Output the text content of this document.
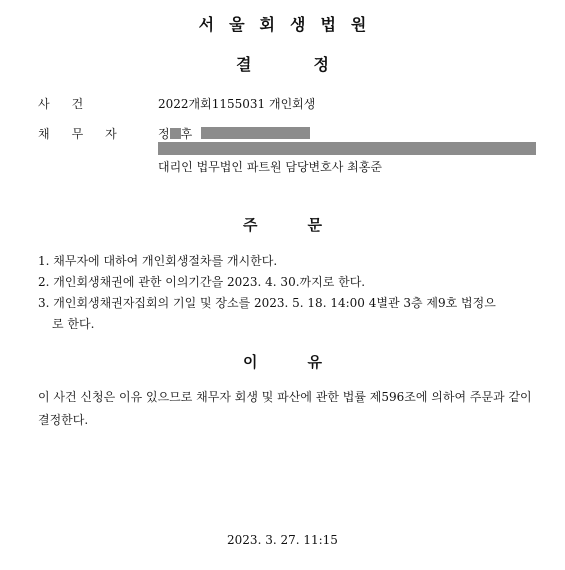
서울회생법원
결정
사건	2022개회1155031 개인회생
채무자 정 후
대리인 법무법인 파트원 담당변호사 최홍준
주문
1. 채무자에 대하여 개인회생절차를 개시한다.
2. 개인회생채권에 관한 이의기간을 2023. 4. 30.까지로 한다.
3. 개인회생채권자집회의 기일 및 장소를 2023. 5. 18. 14:00 4별관 3층 제9호 법정으
로 한다.
이유
이 사건 신청은 이유 있으므로 채무자 회생 및 파산에 관한 법률 제596조에 의하여 주문과 같이 결정한다.
2023. 3. 27. 11:15
